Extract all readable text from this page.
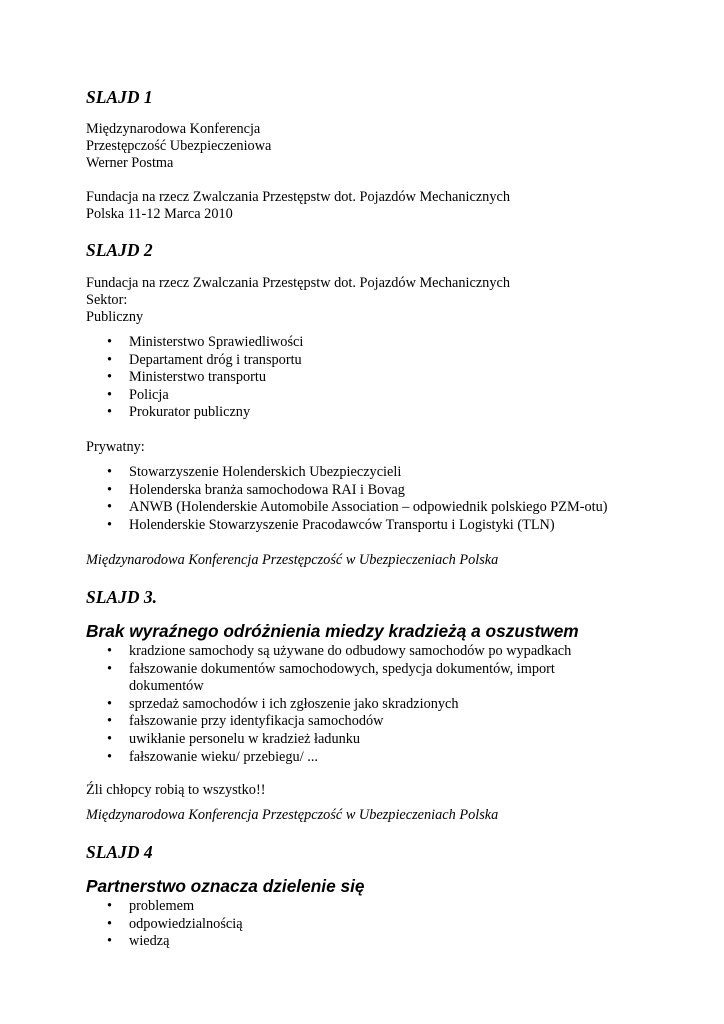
SLAJD 1
Międzynarodowa Konferencja
Przestępczość Ubezpieczeniowa
Werner Postma
Fundacja na rzecz Zwalczania Przestępstw dot. Pojazdów Mechanicznych
Polska 11-12 Marca 2010
SLAJD 2
Fundacja na rzecz Zwalczania Przestępstw dot. Pojazdów Mechanicznych
Sektor:
Publiczny
• Ministerstwo Sprawiedliwości
• Departament dróg i transportu
• Ministerstwo transportu
• Policja
• Prokurator publiczny
Prywatny:
• Stowarzyszenie Holenderskich Ubezpieczycieli
• Holenderska branża samochodowa RAI i Bovag
• ANWB (Holenderskie Automobile Association – odpowiednik polskiego PZM-otu)
• Holenderskie Stowarzyszenie Pracodawców Transportu i Logistyki (TLN)
Międzynarodowa Konferencja Przestępczość w Ubezpieczeniach Polska
SLAJD 3.
Brak wyraźnego odróżnienia miedzy kradzieżą a oszustwem
• kradzione samochody są używane do odbudowy samochodów po wypadkach
• fałszowanie dokumentów samochodowych, spedycja dokumentów, import dokumentów
• sprzedaż samochodów i ich zgłoszenie jako skradzionych
• fałszowanie przy identyfikacja samochodów
• uwikłanie personelu w kradzież ładunku
• fałszowanie wieku/ przebiegu/ ...
Źli chłopcy robią to wszystko!!
Międzynarodowa Konferencja Przestępczość w Ubezpieczeniach Polska
SLAJD 4
Partnerstwo oznacza dzielenie się
• problemem
• odpowiedzialnością
• wiedzą
